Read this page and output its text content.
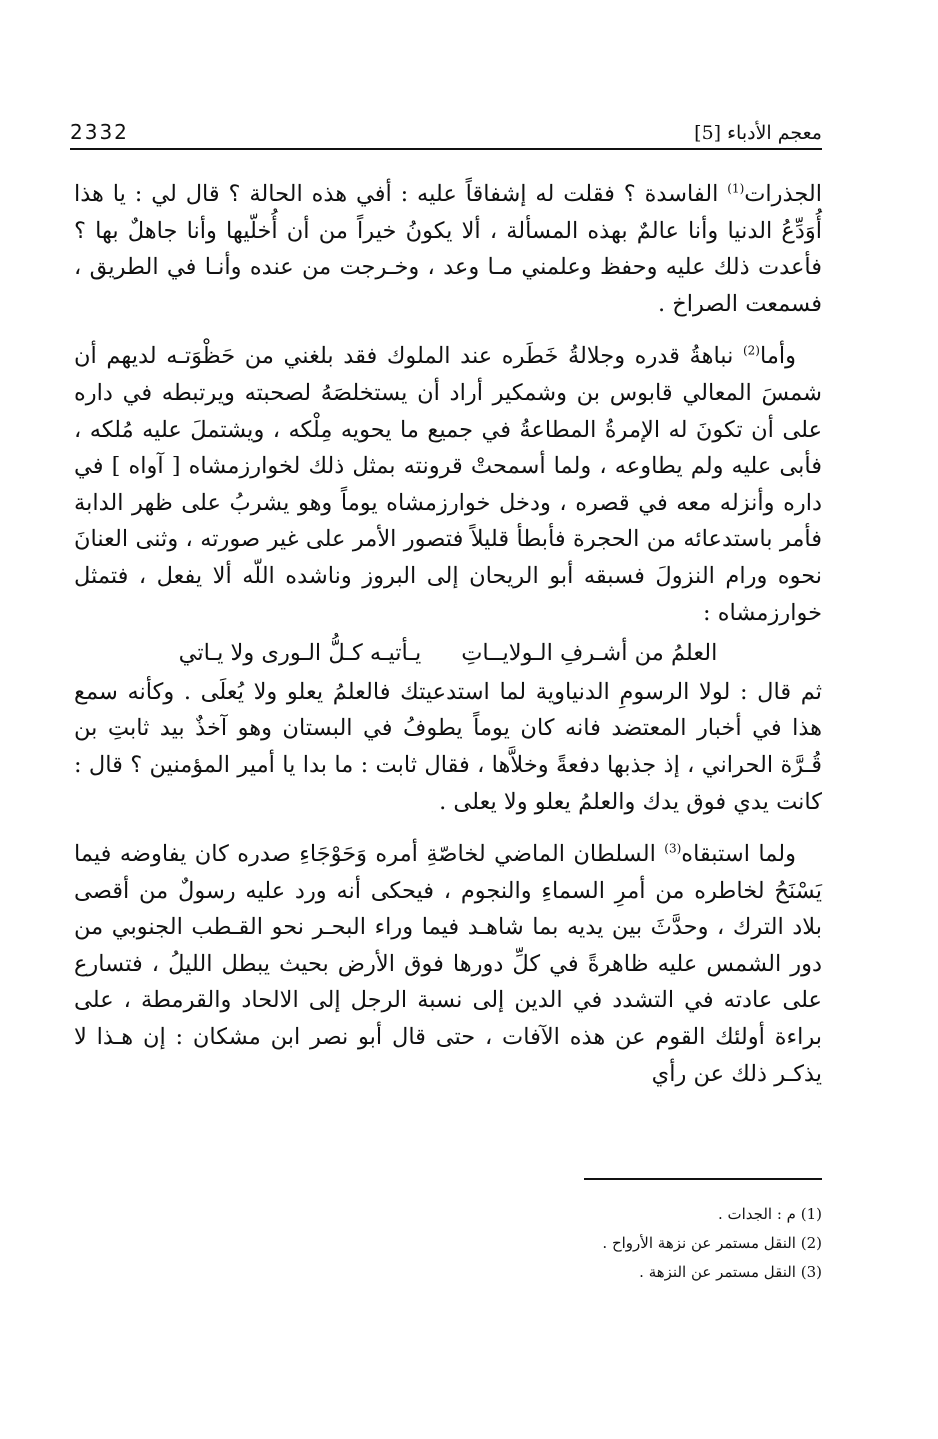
2332	معجم الأدباء [5]

الجذرات$^{(1)}$ الفاسدة ؟ فقلت له إشفاقاً عليه : أفي هذه الحالة ؟ قال لي : يا هذا أُوَدِّعُ الدنيا وأنا عالمٌ بهذه المسألة ، ألا يكونُ خيراً من أن أُخلّيها وأنا جاهلٌ بها ؟ فأعدت ذلك عليه وحفظ وعلمني مـا وعد ، وخـرجت من عنده وأنـا في الطريق ، فسمعت الصراخ .

وأما$^{(2)}$ نباهةُ قدره وجلالةُ خَطَره عند الملوك فقد بلغني من حَظْوَتـه لديهم أن شمسَ المعالي قابوس بن وشمكير أراد أن يستخلصَهُ لصحبته ويرتبطه في داره على أن تكونَ له الإمرةُ المطاعةُ في جميع ما يحويه مِلْكه ، ويشتملَ عليه مُلكه ، فأبى عليه ولم يطاوعه ، ولما أسمحتْ قرونته بمثل ذلك لخوارزمشاه [ آواه ] في داره وأنزله معه في قصره ، ودخل خوارزمشاه يوماً وهو يشربُ على ظهر الدابة فأمر باستدعائه من الحجرة فأبطأ قليلاً فتصور الأمر على غير صورته ، وثنى العنانَ نحوه ورام النزولَ فسبقه أبو الريحان إلى البروز وناشده اللّه ألا يفعل ، فتمثل خوارزمشاه :

العلمُ من أشـرفِ الـولايــاتِ
يـأتيـه كـلُّ الـورى ولا يـاتي

ثم قال : لولا الرسومِ الدنياوية لما استدعيتك فالعلمُ يعلو ولا يُعلَى . وكأنه سمع هذا في أخبار المعتضد فانه كان يوماً يطوفُ في البستان وهو آخذٌ بيد ثابتِ بن قُـرَّة الحراني ، إذ جذبها دفعةً وخلاَّها ، فقال ثابت : ما بدا يا أمير المؤمنين ؟ قال : كانت يدي فوق يدك والعلمُ يعلو ولا يعلى .

ولما استبقاه$^{(3)}$ السلطان الماضي لخاصّةِ أمره وَحَوْجَاءِ صدره كان يفاوضه فيما يَسْنَحُ لخاطره من أمرِ السماءِ والنجوم ، فيحكى أنه ورد عليه رسولٌ من أقصى بلاد الترك ، وحدَّثَ بين يديه بما شاهـد فيما وراء البحـر نحو القـطب الجنوبي من دور الشمس عليه ظاهرةً في كلِّ دورها فوق الأرض بحيث يبطل الليلُ ، فتسارع على عادته في التشدد في الدين إلى نسبة الرجل إلى الالحاد والقرمطة ، على براءة أولئك القوم عن هذه الآفات ، حتى قال أبو نصر ابن مشكان : إن هـذا لا يذكـر ذلك عن رأي

(1) م : الجدات .

(2) النقل مستمر عن نزهة الأرواح .

(3) النقل مستمر عن النزهة .
